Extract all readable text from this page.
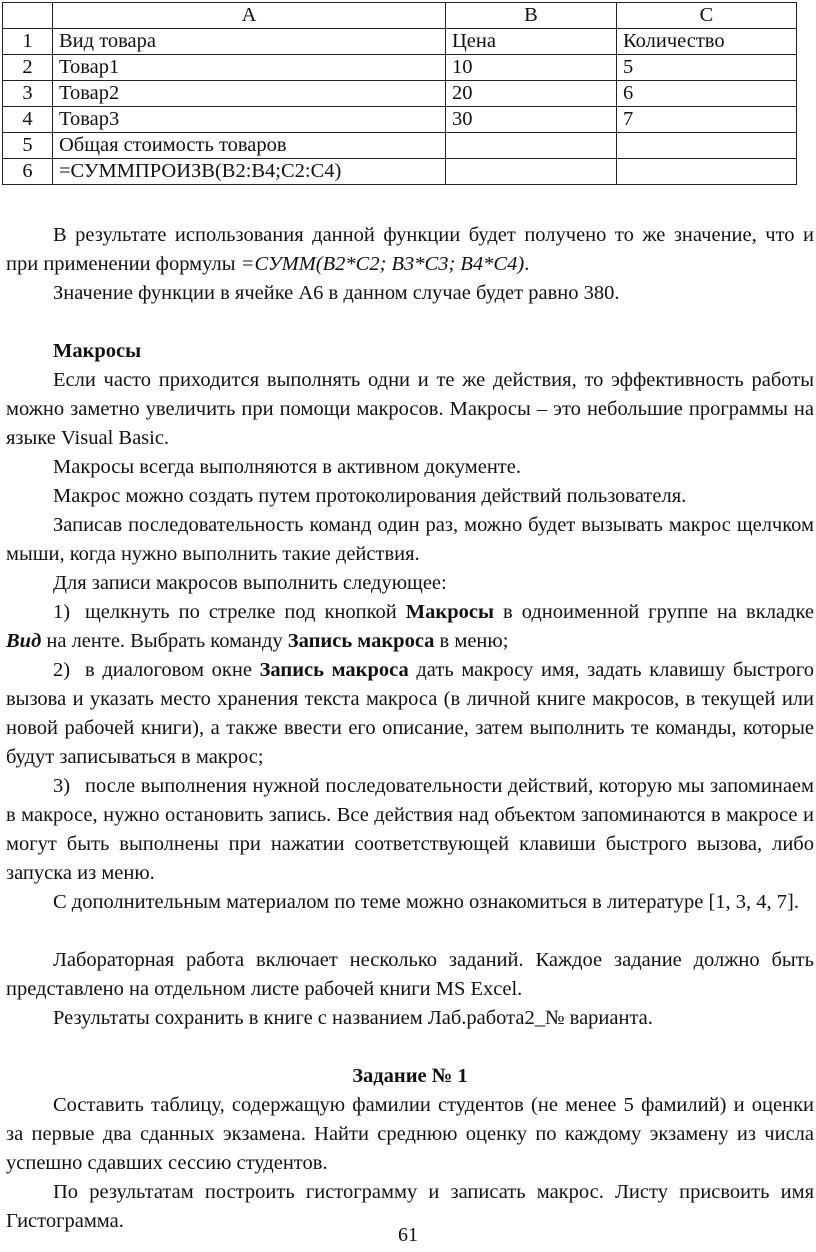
	A	B	C
1	Вид товара	Цена	Количество
2	Товар1	10	5
3	Товар2	20	6
4	Товар3	30	7
5	Общая стоимость товаров		
6	=СУММПРОИЗВ(B2:B4;C2:C4)		

В результате использования данной функции будет получено то же значение, что и при применении формулы =СУММ(B2*C2; B3*C3; B4*C4).

Значение функции в ячейке А6 в данном случае будет равно 380.

Макросы

Если часто приходится выполнять одни и те же действия, то эффективность работы можно заметно увеличить при помощи макросов. Макросы – это небольшие программы на языке Visual Basic.

Макросы всегда выполняются в активном документе.

Макрос можно создать путем протоколирования действий пользователя.

Записав последовательность команд один раз, можно будет вызывать макрос щелчком мыши, когда нужно выполнить такие действия.

Для записи макросов выполнить следующее:

1) щелкнуть по стрелке под кнопкой Макросы в одноименной группе на вкладке Вид на ленте. Выбрать команду Запись макроса в меню;

2) в диалоговом окне Запись макроса дать макросу имя, задать клавишу быстрого вызова и указать место хранения текста макроса (в личной книге макросов, в текущей или новой рабочей книги), а также ввести его описание, затем выполнить те команды, которые будут записываться в макрос;

3) после выполнения нужной последовательности действий, которую мы запоминаем в макросе, нужно остановить запись. Все действия над объектом запоминаются в макросе и могут быть выполнены при нажатии соответствующей клавиши быстрого вызова, либо запуска из меню.

С дополнительным материалом по теме можно ознакомиться в литературе [1, 3, 4, 7].

Лабораторная работа включает несколько заданий. Каждое задание должно быть представлено на отдельном листе рабочей книги MS Excel.

Результаты сохранить в книге с названием Лаб.работа2_№ варианта.

Задание № 1

Составить таблицу, содержащую фамилии студентов (не менее 5 фамилий) и оценки за первые два сданных экзамена. Найти среднюю оценку по каждому экзамену из числа успешно сдавших сессию студентов.

По результатам построить гистограмму и записать макрос. Листу присвоить имя Гистограмма.

61
